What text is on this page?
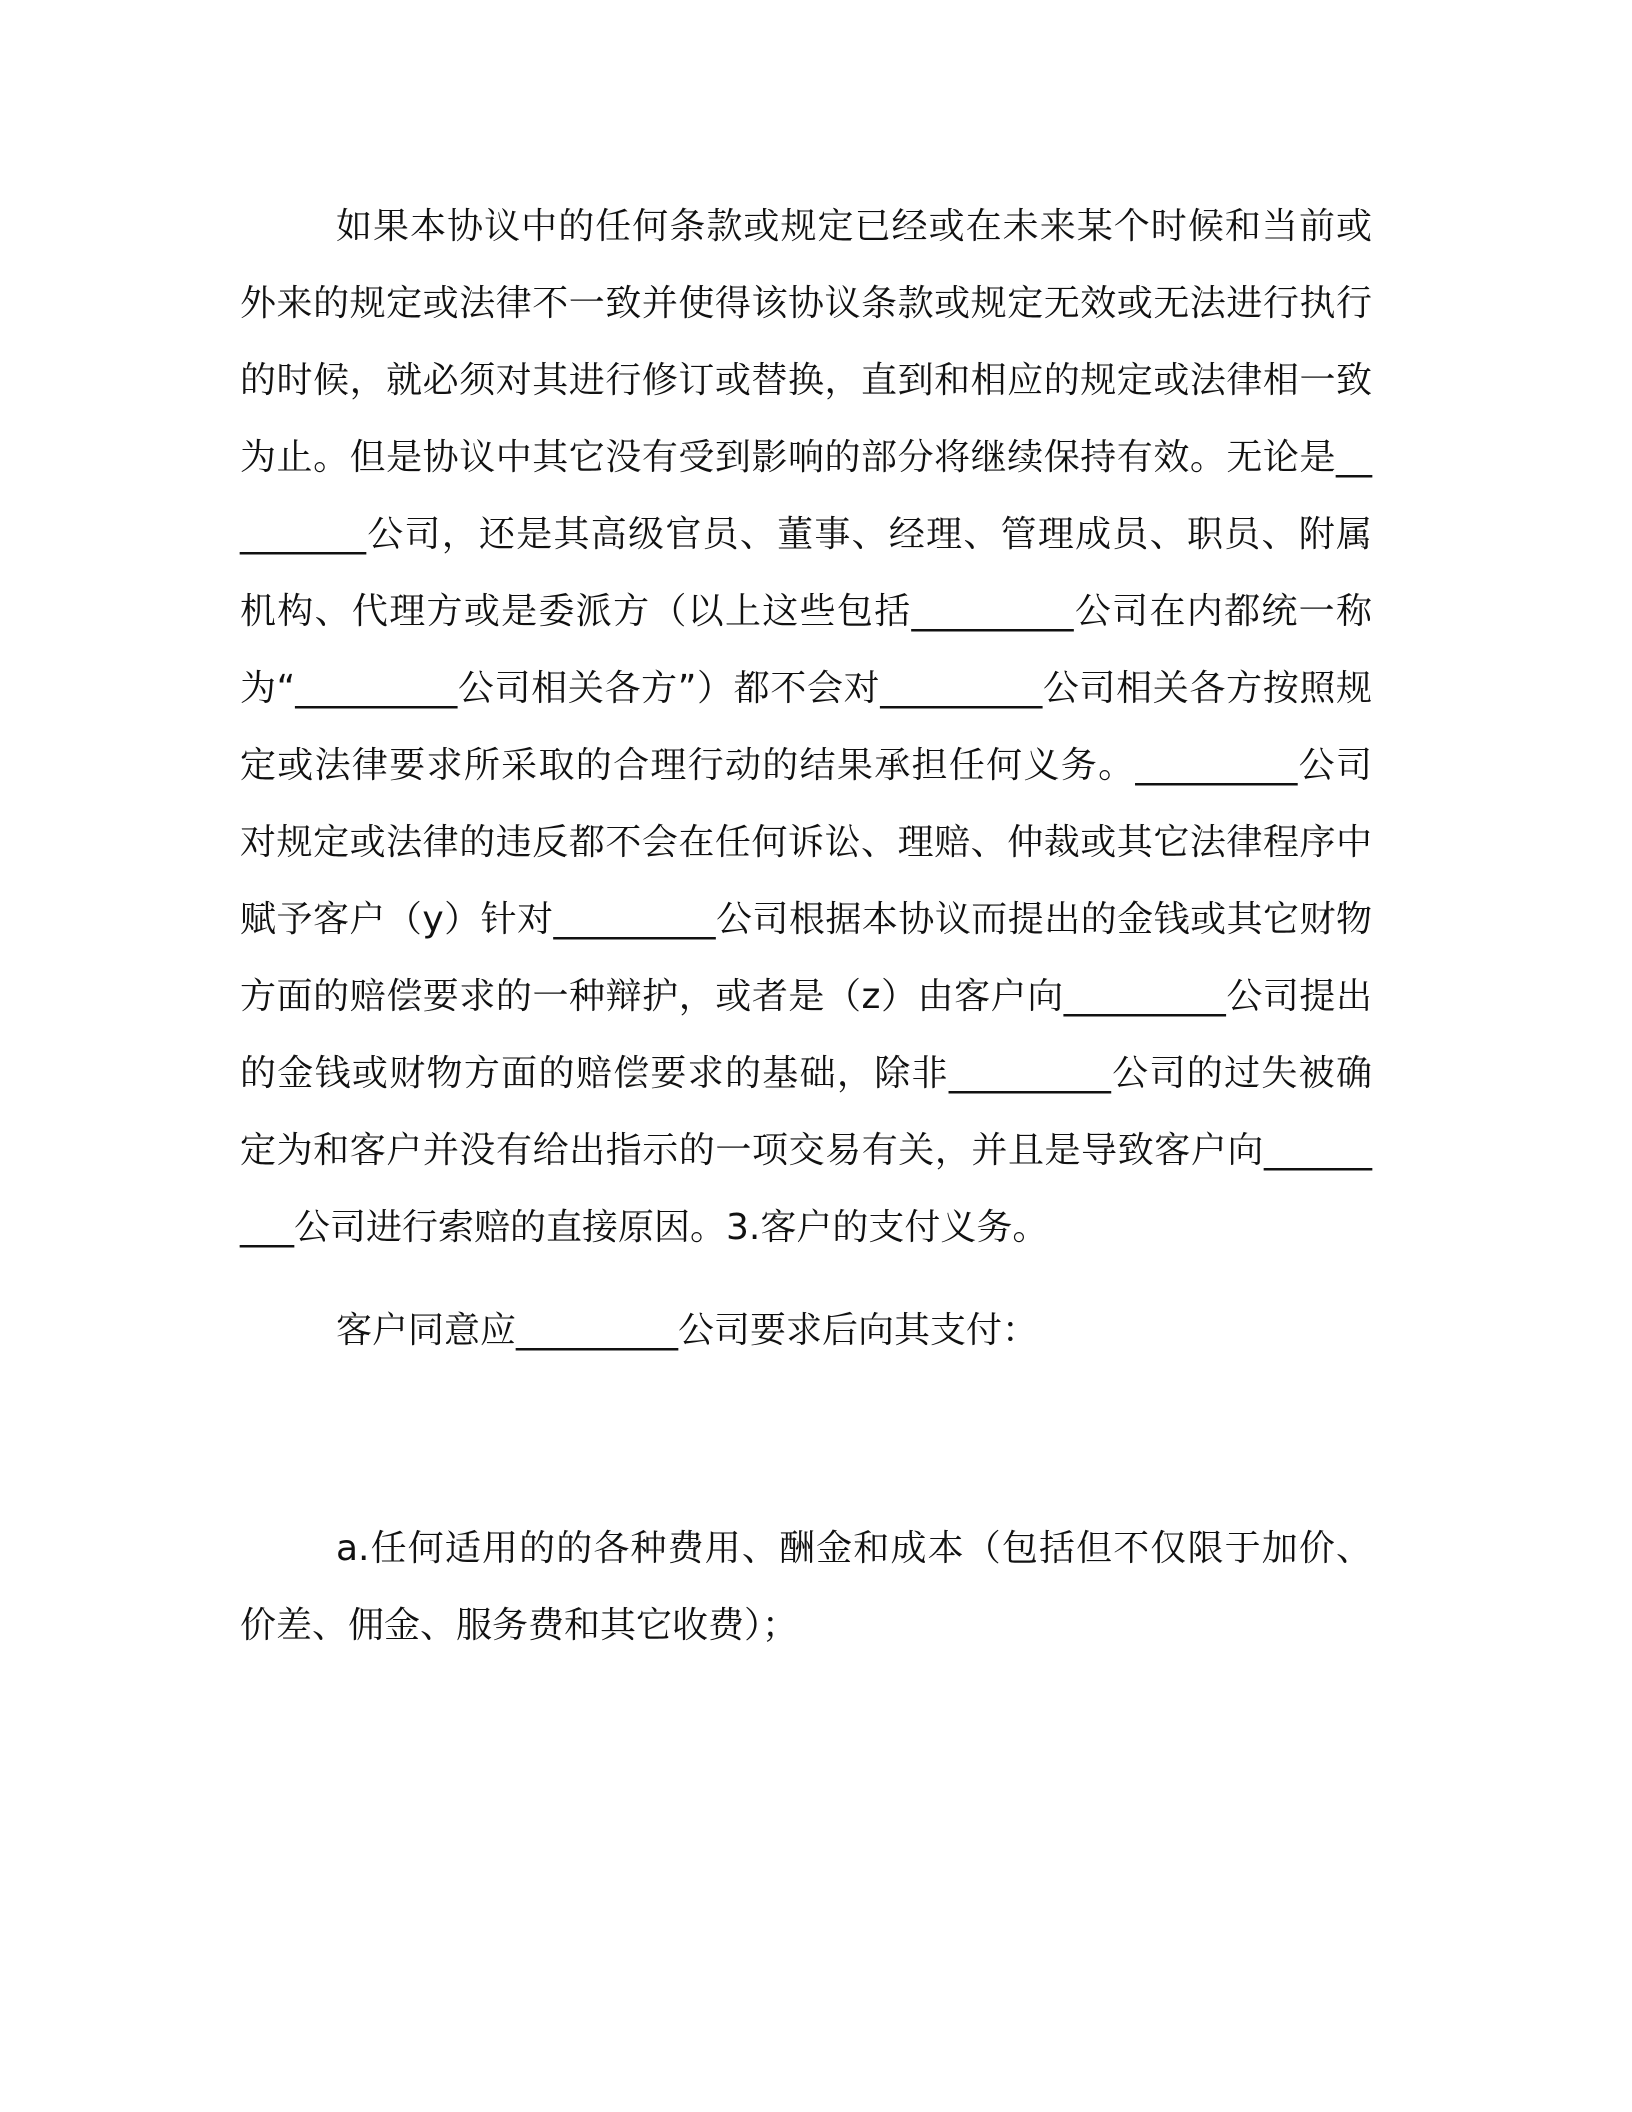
如果本协议中的任何条款或规定已经或在未来某个时候和当前或外来的规定或法律不一致并使得该协议条款或规定无效或无法进行执行的时候，就必须对其进行修订或替换，直到和相应的规定或法律相一致为止。但是协议中其它没有受到影响的部分将继续保持有效。无论是_________公司，还是其高级官员、董事、经理、管理成员、职员、附属机构、代理方或是委派方（以上这些包括_________公司在内都统一称为“_________公司相关各方”）都不会对_________公司相关各方按照规定或法律要求所采取的合理行动的结果承担任何义务。_________公司对规定或法律的违反都不会在任何诉讼、理赔、仲裁或其它法律程序中赋予客户（y）针对_________公司根据本协议而提出的金钱或其它财物方面的赔偿要求的一种辩护，或者是（z）由客户向_________公司提出的金钱或财物方面的赔偿要求的基础，除非_________公司的过失被确定为和客户并没有给出指示的一项交易有关，并且是导致客户向_________公司进行索赔的直接原因。3.客户的支付义务。

客户同意应_________公司要求后向其支付：

a.任何适用的的各种费用、酬金和成本（包括但不仅限于加价、价差、佣金、服务费和其它收费）；
